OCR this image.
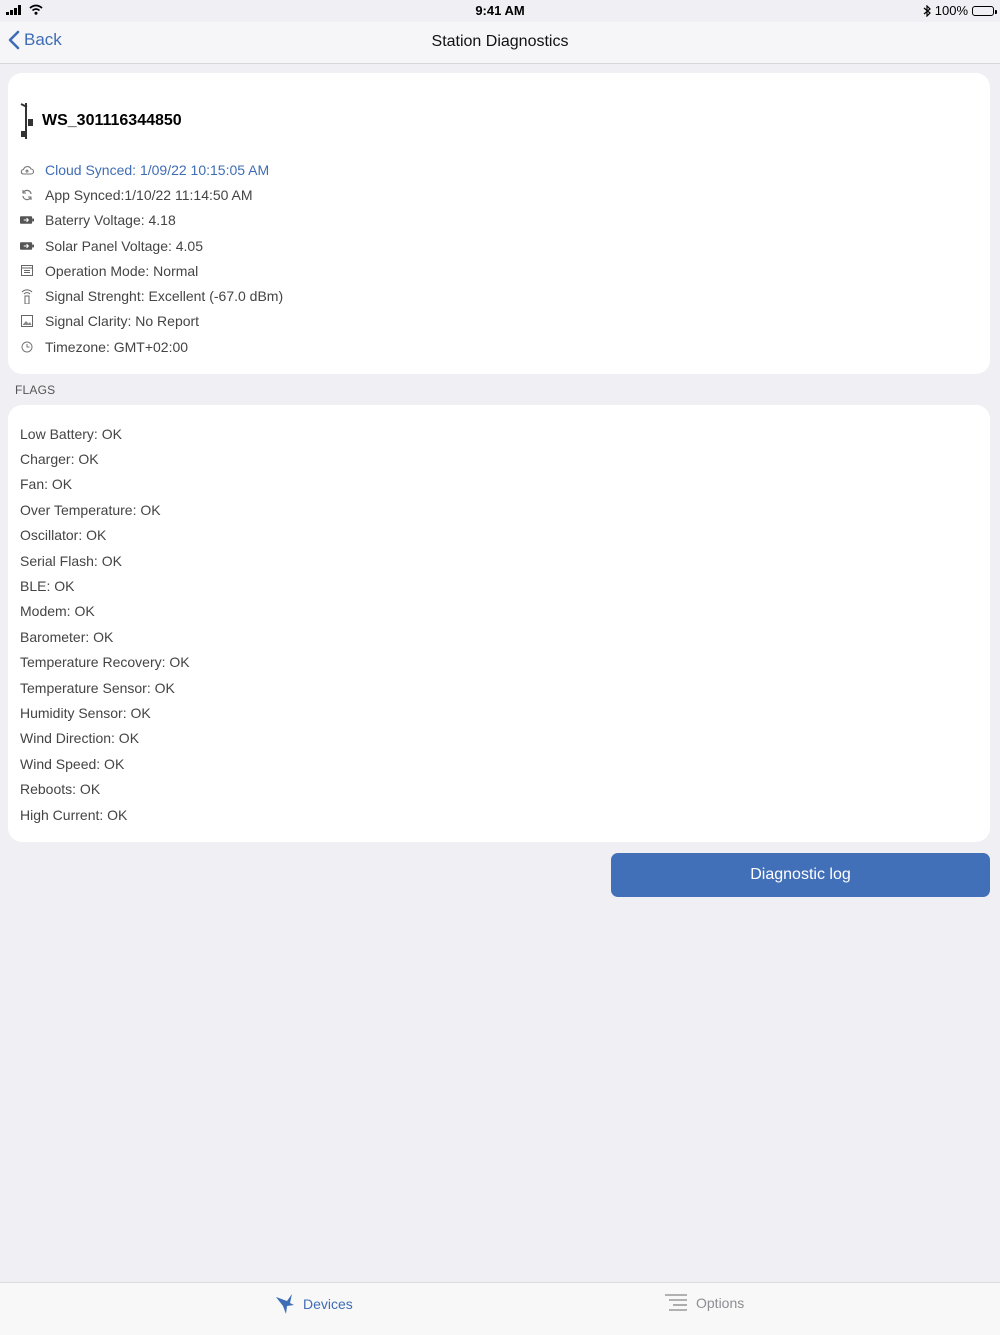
9:41 AM	100%
Station Diagnostics
Back
WS_301116344850
Cloud Synced: 1/09/22 10:15:05 AM
App Synced:1/10/22 11:14:50 AM
Baterry Voltage: 4.18
Solar Panel Voltage: 4.05
Operation Mode: Normal
Signal Strenght: Excellent (-67.0 dBm)
Signal Clarity: No Report
Timezone: GMT+02:00
FLAGS
Low Battery: OK
Charger: OK
Fan: OK
Over Temperature: OK
Oscillator: OK
Serial Flash: OK
BLE: OK
Modem: OK
Barometer: OK
Temperature Recovery: OK
Temperature Sensor: OK
Humidity Sensor: OK
Wind Direction: OK
Wind Speed: OK
Reboots: OK
High Current: OK
Diagnostic log
Devices	Options
